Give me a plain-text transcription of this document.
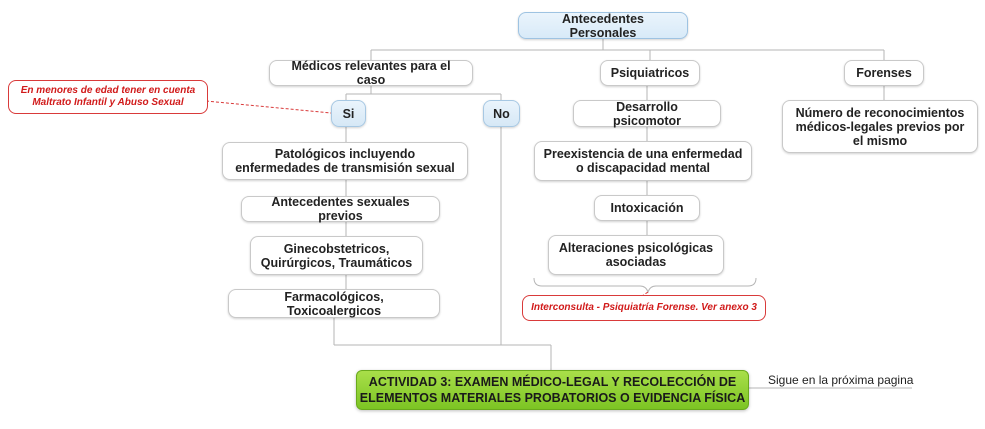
Antecedentes Personales
Médicos relevantes para el caso	Psiquiatricos	Forenses
En menores de edad tener en cuenta Maltrato Infantil y Abuso Sexual
Si	No
Patológicos incluyendo enfermedades de transmisión sexual
Antecedentes sexuales previos
Ginecobstetricos, Quirúrgicos, Traumáticos
Farmacológicos, Toxicoalergicos
Desarrollo psicomotor
Preexistencia de una enfermedad o discapacidad mental
Intoxicación
Alteraciones psicológicas asociadas
Interconsulta - Psiquiatría Forense. Ver anexo 3
Número de reconocimientos médicos-legales previos por el mismo
ACTIVIDAD 3: EXAMEN MÉDICO-LEGAL Y RECOLECCIÓN DE ELEMENTOS MATERIALES PROBATORIOS O EVIDENCIA FÍSICA
Sigue en la próxima pagina
